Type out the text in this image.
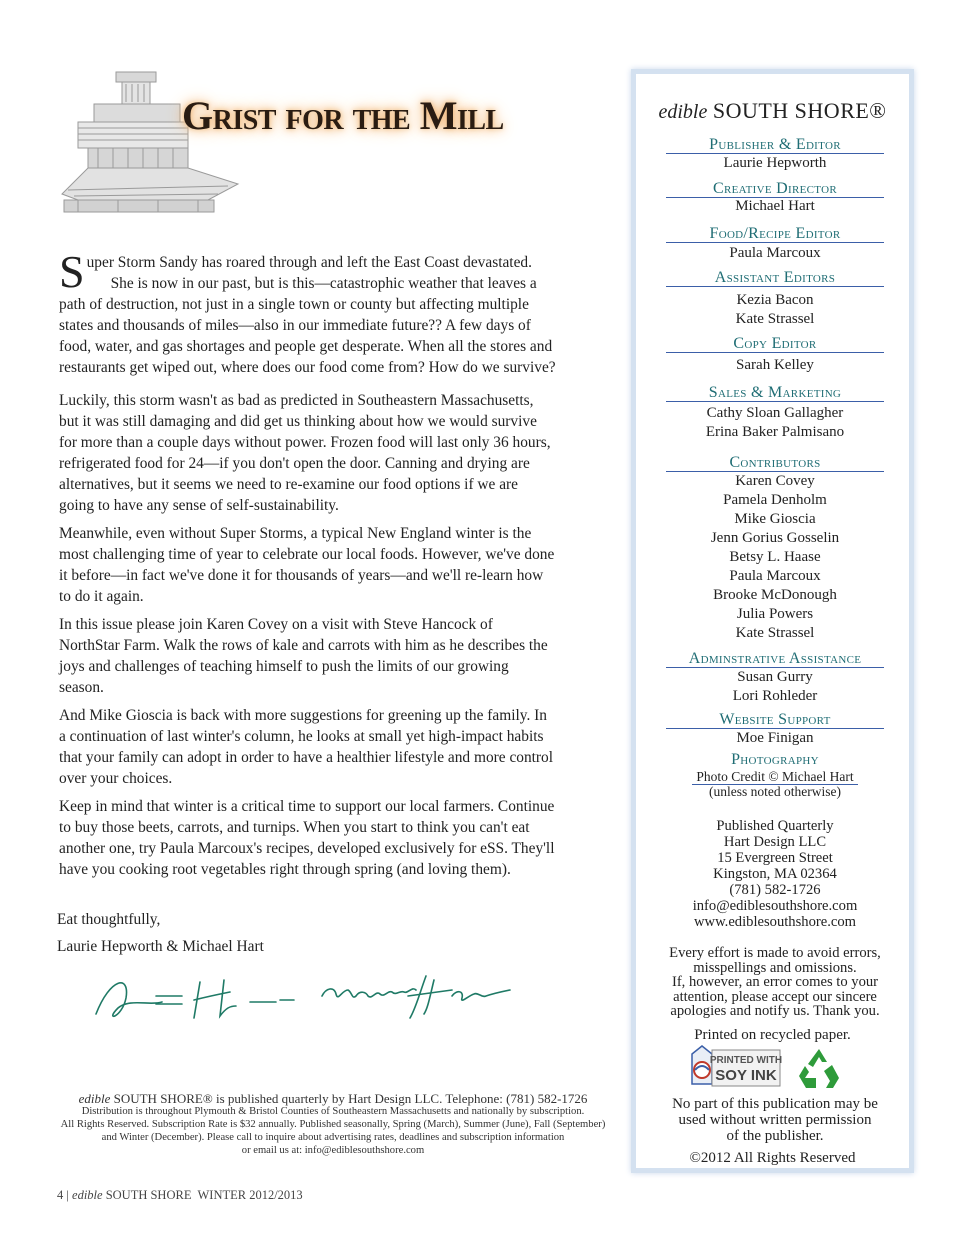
Grist for the Mill

Super Storm Sandy has roared through and left the East Coast devastated.

She is now in our past, but is this—catastrophic weather that leaves a path of destruction, not just in a single town or county but affecting multiple states and thousands of miles—also in our immediate future?? A few days of food, water, and gas shortages and people get desperate. When all the stores and restaurants get wiped out, where does our food come from? How do we survive?

Luckily, this storm wasn't as bad as predicted in Southeastern Massachusetts, but it was still damaging and did get us thinking about how we would survive for more than a couple days without power. Frozen food will last only 36 hours, refrigerated food for 24—if you don't open the door. Canning and drying are alternatives, but it seems we need to re-examine our food options if we are going to have any sense of self-sustainability.

Meanwhile, even without Super Storms, a typical New England winter is the most challenging time of year to celebrate our local foods. However, we've done it before—in fact we've done it for thousands of years—and we'll re-learn how to do it again.

In this issue please join Karen Covey on a visit with Steve Hancock of NorthStar Farm. Walk the rows of kale and carrots with him as he describes the joys and challenges of teaching himself to push the limits of our growing season.

And Mike Gioscia is back with more suggestions for greening up the family. In a continuation of last winter's column, he looks at small yet high-impact habits that your family can adopt in order to have a healthier lifestyle and more control over your choices.

Keep in mind that winter is a critical time to support our local farmers. Continue to buy those beets, carrots, and turnips. When you start to think you can't eat another one, try Paula Marcoux's recipes, developed exclusively for eSS. They'll have you cooking root vegetables right through spring (and loving them).

Eat thoughtfully,
Laurie Hepworth & Michael Hart
edible SOUTH SHORE® is published quarterly by Hart Design LLC. Telephone: (781) 582-1726
Distribution is throughout Plymouth & Bristol Counties of Southeastern Massachusetts and nationally by subscription.
All Rights Reserved. Subscription Rate is $32 annually. Published seasonally, Spring (March), Summer (June), Fall (September)
and Winter (December). Please call to inquire about advertising rates, deadlines and subscription information
or email us at: info@ediblesouthshore.com
4 | edible SOUTH SHORE  WINTER 2012/2013
edible SOUTH SHORE®
Publisher & Editor
Laurie Hepworth
Creative Director
Michael Hart
Food/Recipe Editor
Paula Marcoux
Assistant Editors
Kezia Bacon
Kate Strassel
Copy Editor
Sarah Kelley
Sales & Marketing
Cathy Sloan Gallagher
Erina Baker Palmisano
Contributors
Karen Covey
Pamela Denholm
Mike Gioscia
Jenn Gorius Gosselin
Betsy L. Haase
Paula Marcoux
Brooke McDonough
Julia Powers
Kate Strassel
Adminstrative Assistance
Susan Gurry
Lori Rohleder
Website Support
Moe Finigan
Photography
Photo Credit © Michael Hart
(unless noted otherwise)
Published Quarterly
Hart Design LLC
15 Evergreen Street
Kingston, MA 02364
(781) 582-1726
info@ediblesouthshore.com
www.ediblesouthshore.com
Every effort is made to avoid errors,
misspellings and omissions.
If, however, an error comes to your
attention, please accept our sincere
apologies and notify us. Thank you.
Printed on recycled paper.
PRINTED WITH
SOY INK
No part of this publication may be
used without written permission
of the publisher.
©2012 All Rights Reserved
